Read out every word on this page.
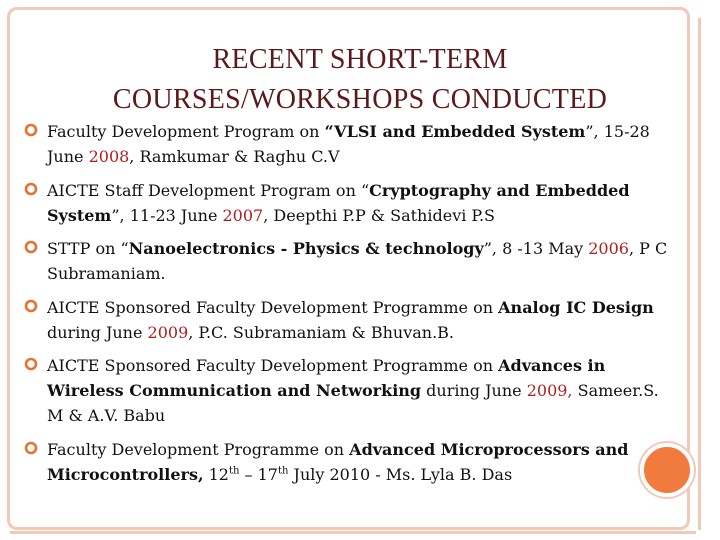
RECENT SHORT-TERM
COURSES/WORKSHOPS CONDUCTED
Faculty Development Program on “VLSI and Embedded System”, 15-28 June 2008, Ramkumar & Raghu C.V
AICTE Staff Development Program on “Cryptography and Embedded System”, 11-23 June 2007, Deepthi P.P & Sathidevi P.S
STTP on “Nanoelectronics - Physics & technology”, 8 -13 May 2006, P C Subramaniam.
AICTE Sponsored Faculty Development Programme on Analog IC Design during June 2009, P.C. Subramaniam & Bhuvan.B.
AICTE Sponsored Faculty Development Programme on Advances in Wireless Communication and Networking during June 2009, Sameer.S. M & A.V. Babu
Faculty Development Programme on Advanced Microprocessors and Microcontrollers, 12th – 17th July 2010 - Ms. Lyla B. Das
